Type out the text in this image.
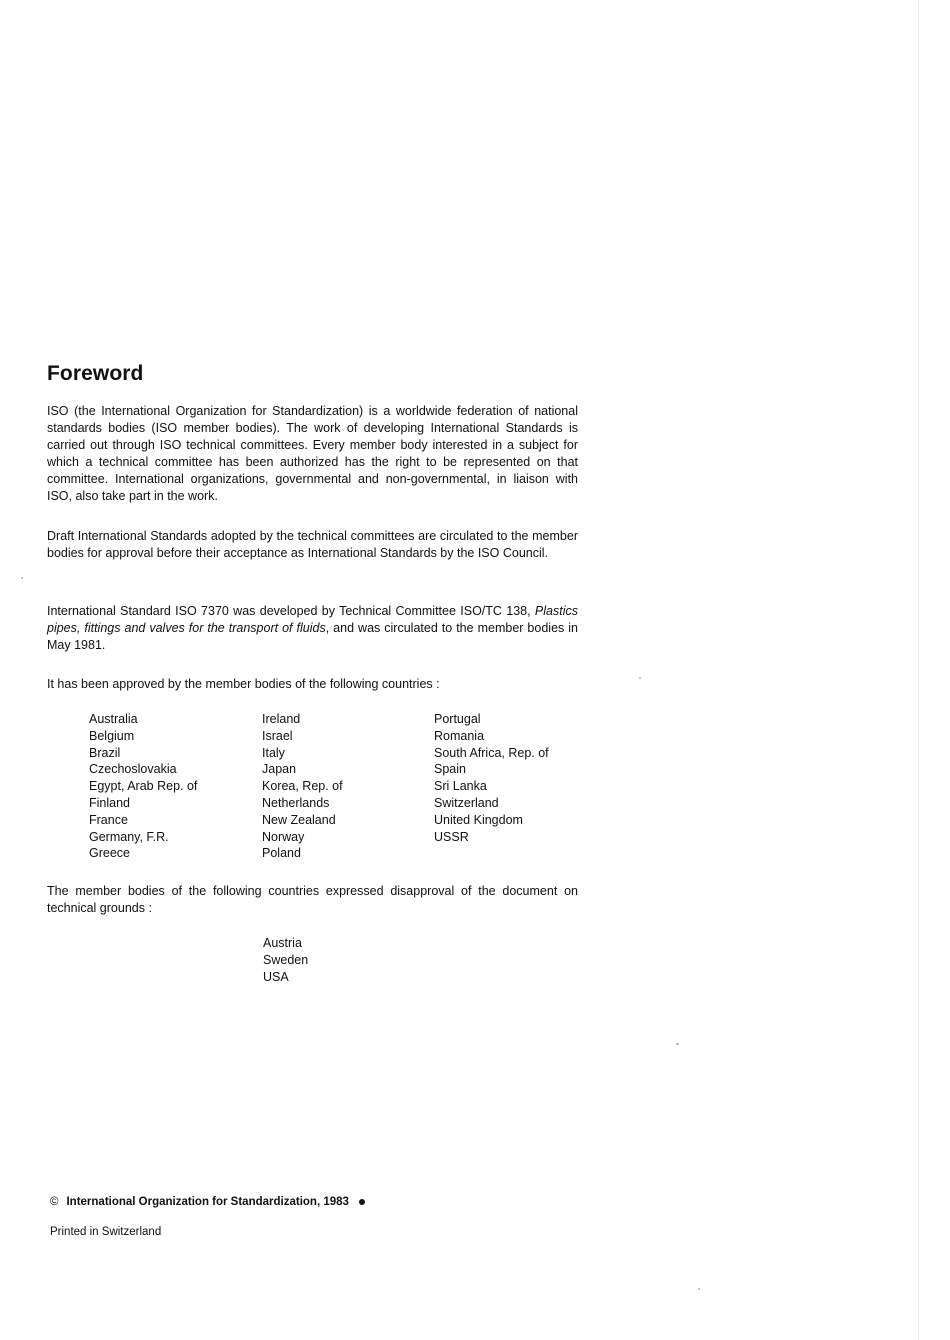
Foreword

ISO (the International Organization for Standardization) is a worldwide federation of national standards bodies (ISO member bodies). The work of developing International Standards is carried out through ISO technical committees. Every member body interested in a subject for which a technical committee has been authorized has the right to be represented on that committee. International organizations, governmental and non-governmental, in liaison with ISO, also take part in the work.

Draft International Standards adopted by the technical committees are circulated to the member bodies for approval before their acceptance as International Standards by the ISO Council.

International Standard ISO 7370 was developed by Technical Committee ISO/TC 138, Plastics pipes, fittings and valves for the transport of fluids, and was circulated to the member bodies in May 1981.

It has been approved by the member bodies of the following countries :

Australia
Belgium
Brazil
Czechoslovakia
Egypt, Arab Rep. of
Finland
France
Germany, F.R.
Greece
Ireland
Israel
Italy
Japan
Korea, Rep. of
Netherlands
New Zealand
Norway
Poland
Portugal
Romania
South Africa, Rep. of
Spain
Sri Lanka
Switzerland
United Kingdom
USSR

The member bodies of the following countries expressed disapproval of the document on technical grounds :

Austria
Sweden
USA
© International Organization for Standardization, 1983
Printed in Switzerland
